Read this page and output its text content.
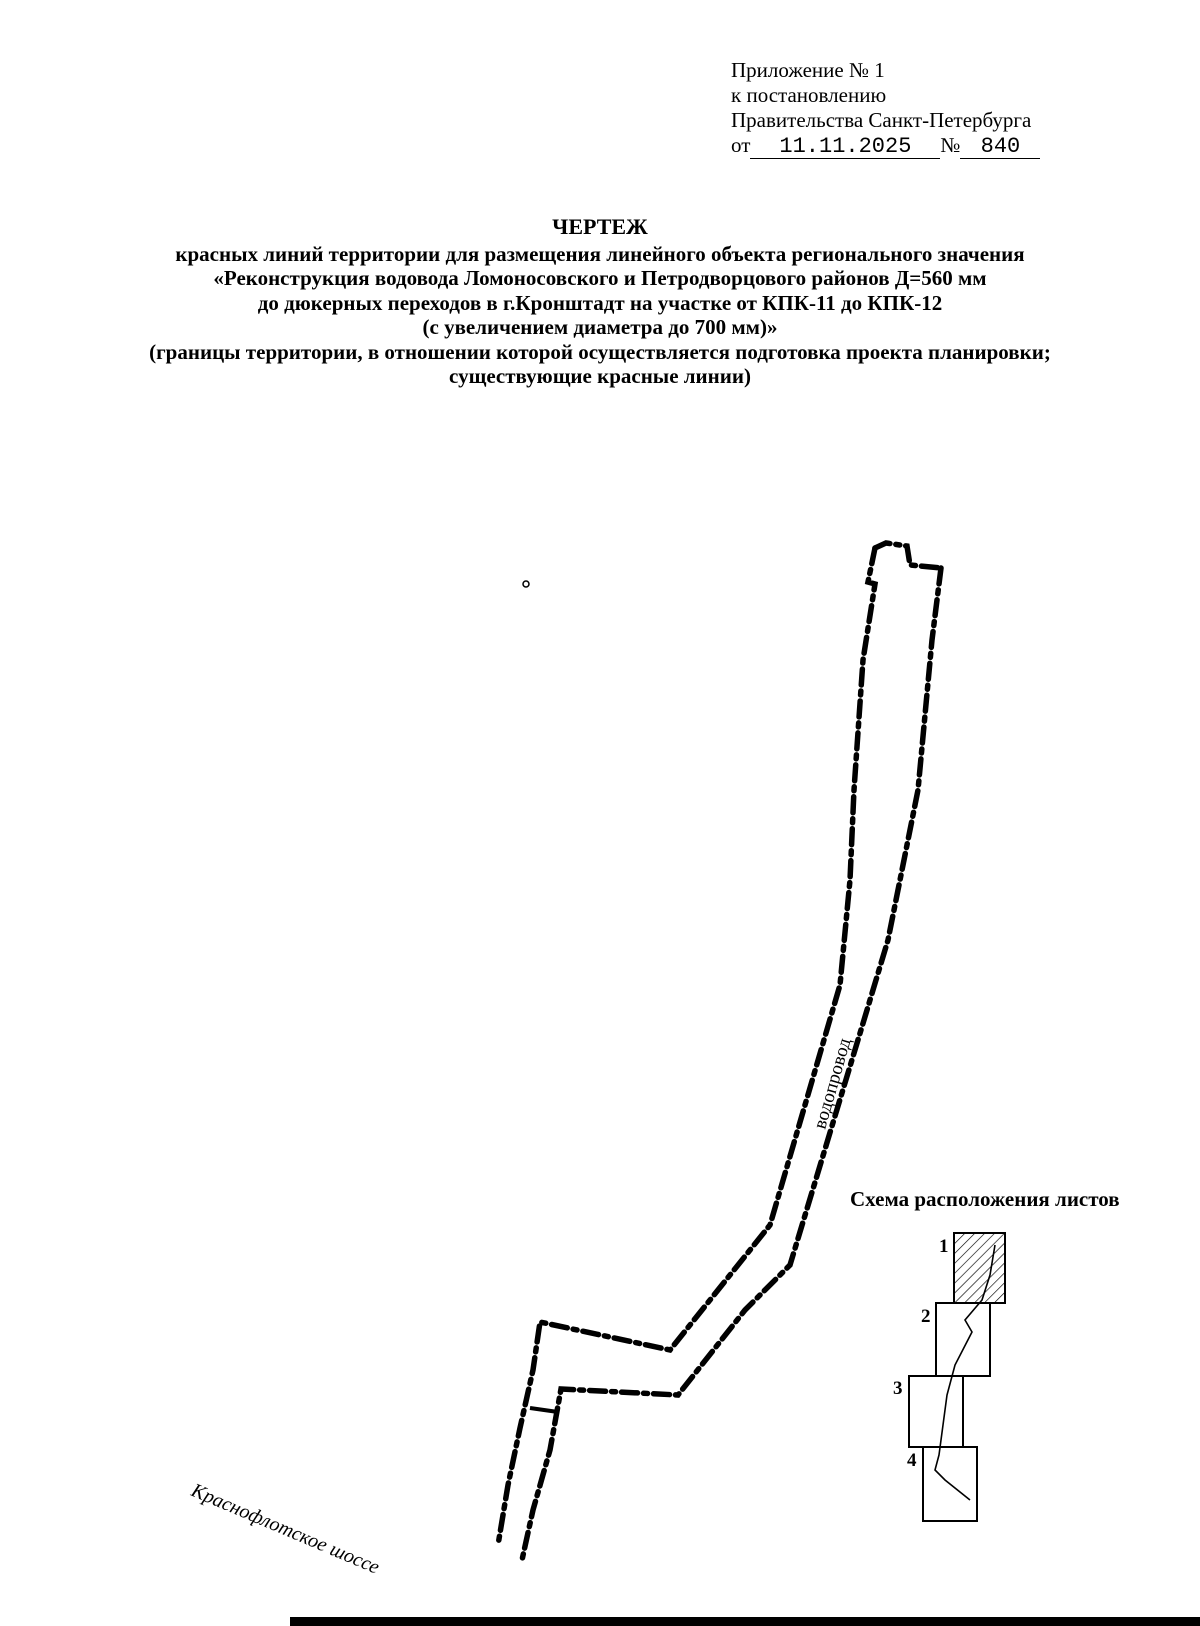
Приложение № 1
к постановлению
Правительства Санкт-Петербурга
от 11.11.2025 № 840
ЧЕРТЕЖ
красных линий территории для размещения линейного объекта регионального значения
«Реконструкция водовода Ломоносовского и Петродворцового районов Д=560 мм
до дюкерных переходов в г.Кронштадт на участке от КПК-11 до КПК-12
(с увеличением диаметра до 700 мм)»
(границы территории, в отношении которой осуществляется подготовка проекта планировки;
существующие красные линии)
водопровод
Краснофлотское шоссе
Схема расположения листов
1
2
3
4
